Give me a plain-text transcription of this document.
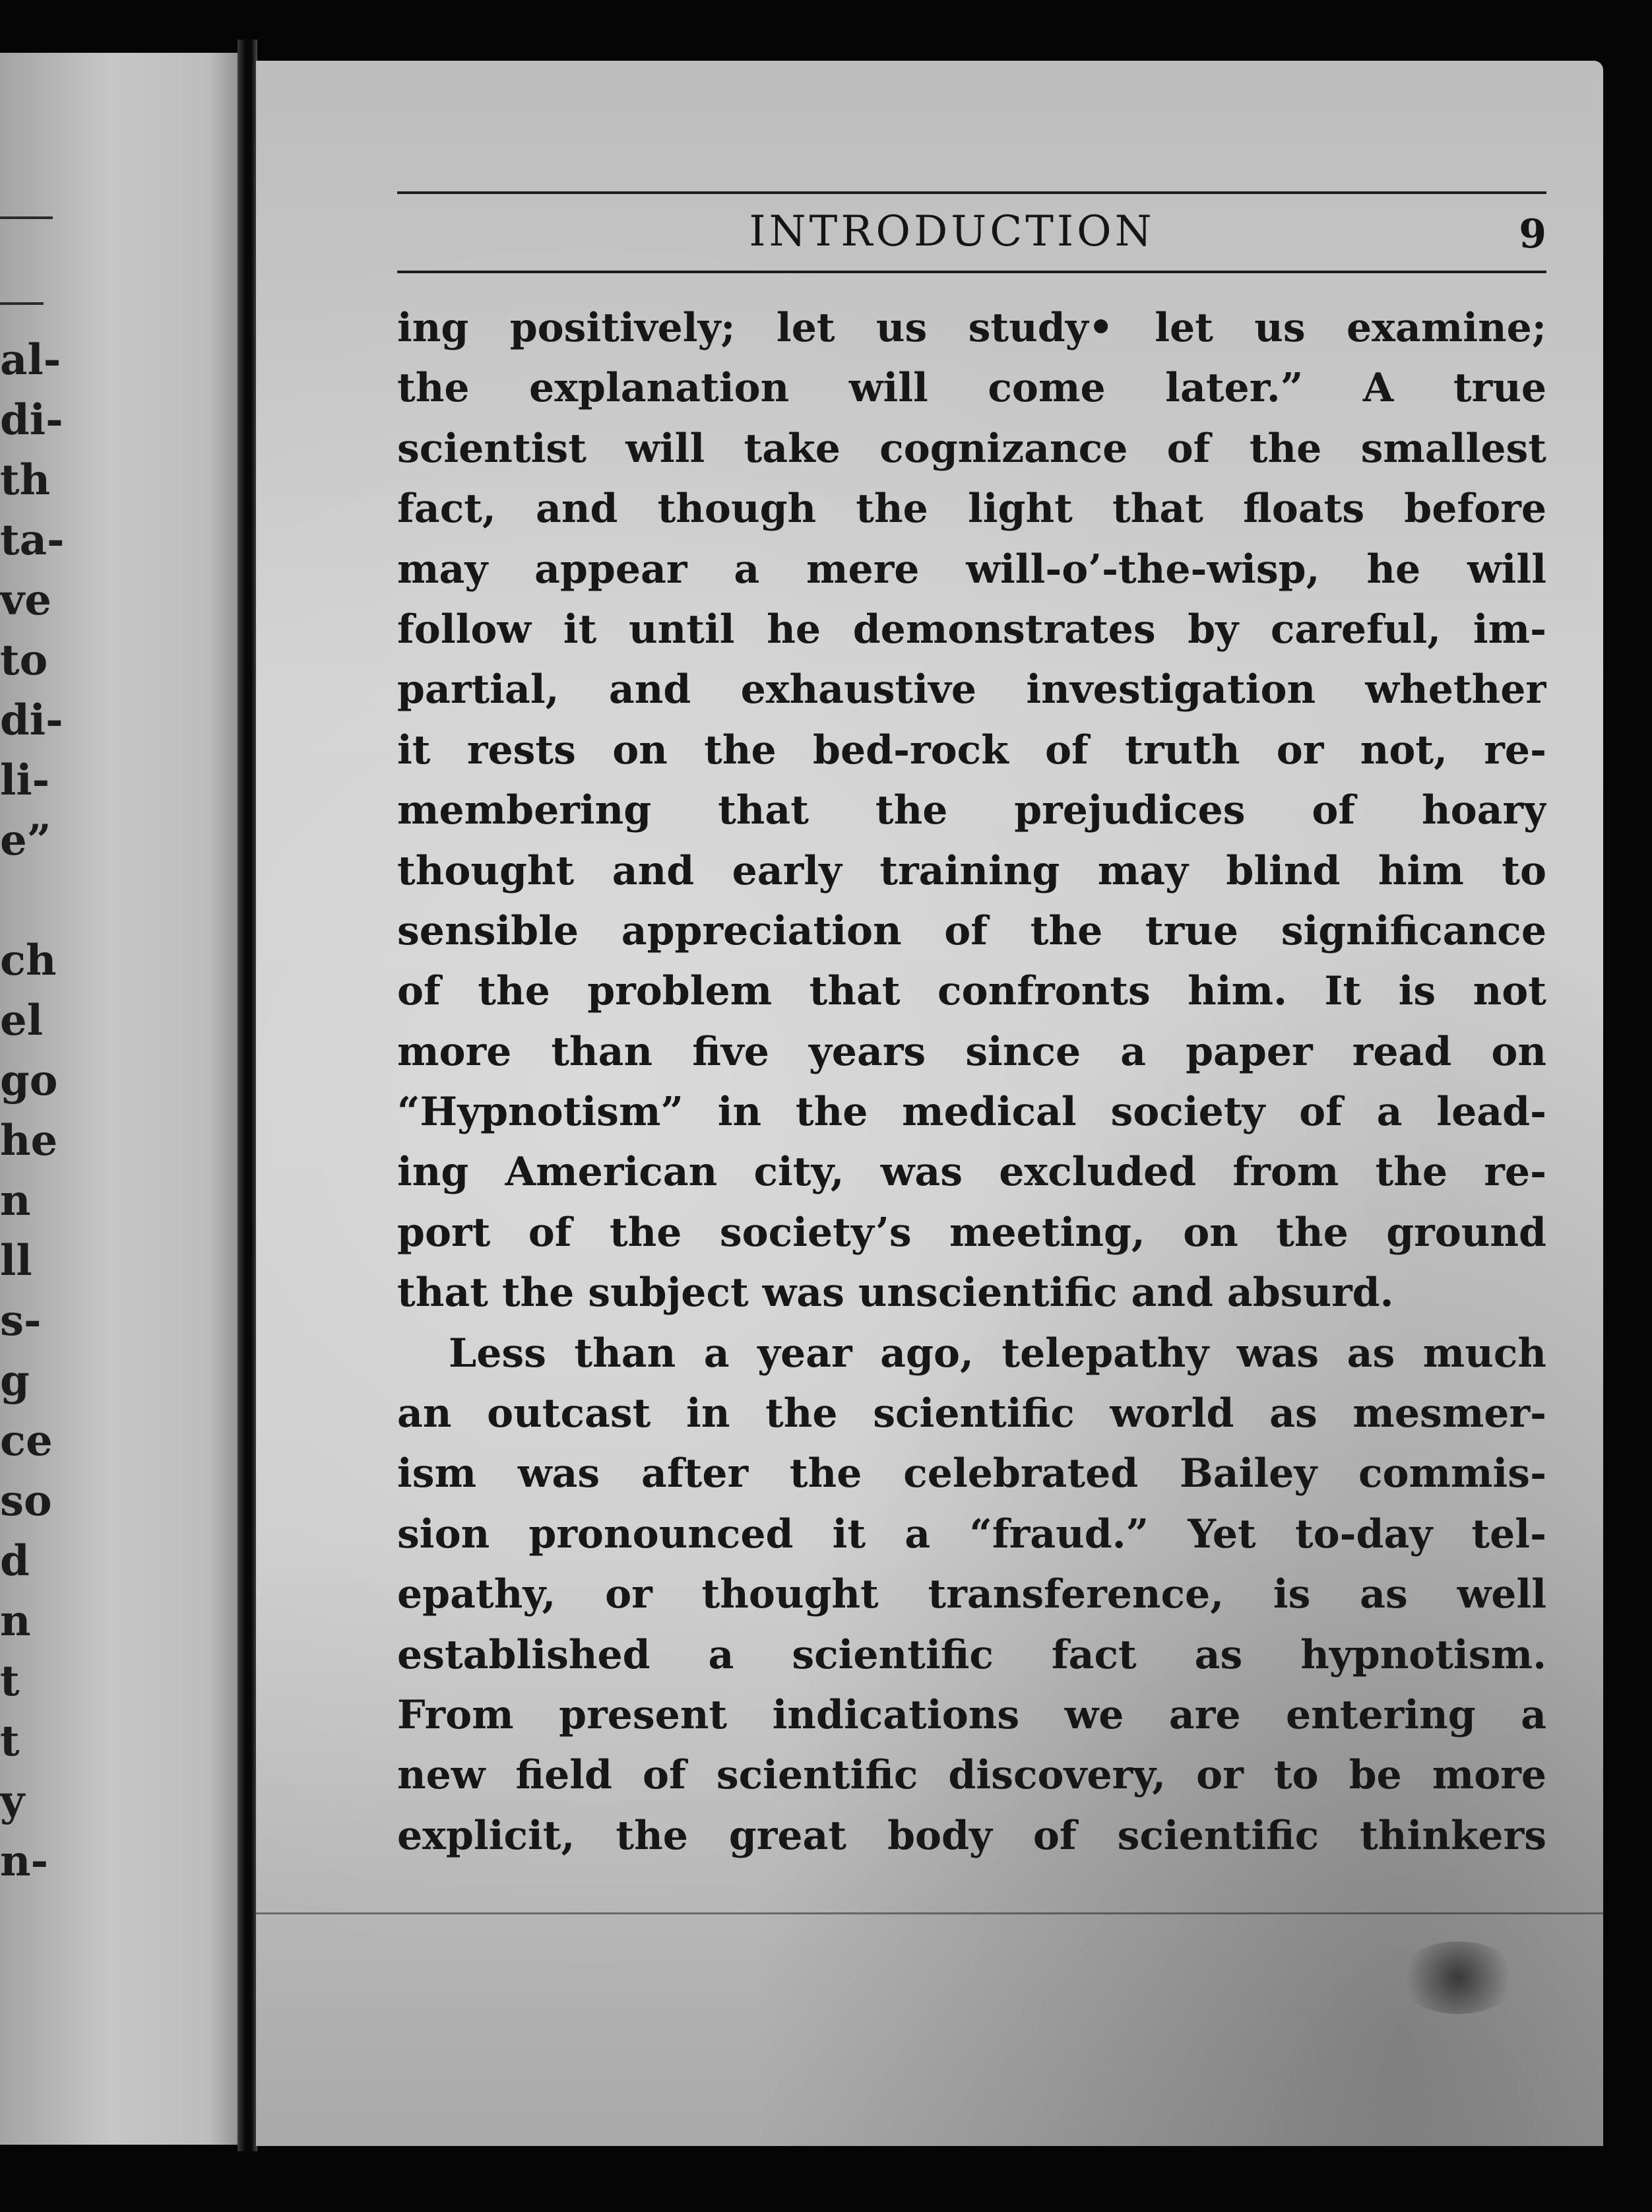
al-
di-
th
ta-
ve
to
di-
li-
e”
ch
el
go
he
n
ll
s-
g
ce
so
d
n
t
t
y
n-
INTRODUCTION	9
ing positively; let us study• let us examine;
the explanation will come later.” A true
scientist will take cognizance of the smallest
fact, and though the light that floats before
may appear a mere will-o’-the-wisp, he will
follow it until he demonstrates by careful, im-
partial, and exhaustive investigation whether
it rests on the bed-rock of truth or not, re-
membering that the prejudices of hoary
thought and early training may blind him to
sensible appreciation of the true significance
of the problem that confronts him. It is not
more than five years since a paper read on
“Hypnotism” in the medical society of a lead-
ing American city, was excluded from the re-
port of the society’s meeting, on the ground
that the subject was unscientific and absurd.
Less than a year ago, telepathy was as much
an outcast in the scientific world as mesmer-
ism was after the celebrated Bailey commis-
sion pronounced it a “fraud.” Yet to-day tel-
epathy, or thought transference, is as well
established a scientific fact as hypnotism.
From present indications we are entering a
new field of scientific discovery, or to be more
explicit, the great body of scientific thinkers
